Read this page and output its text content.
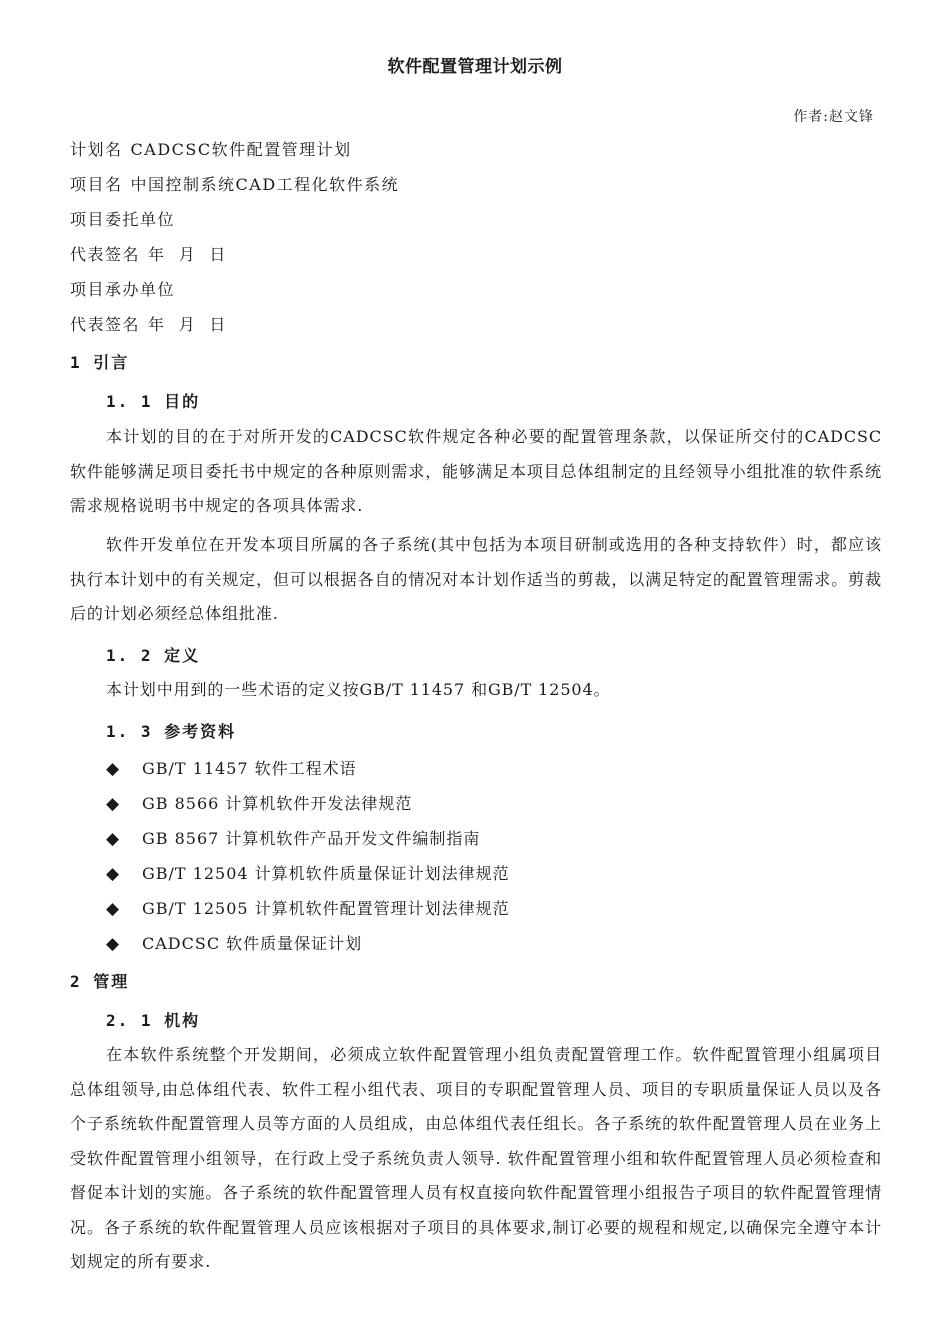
软件配置管理计划示例
作者:赵文锋
计划名 CADCSC软件配置管理计划
项目名 中国控制系统CAD工程化软件系统
项目委托单位
代表签名 年  月  日
项目承办单位
代表签名 年  月  日
1 引言
1. 1 目的

本计划的目的在于对所开发的CADCSC软件规定各种必要的配置管理条款，以保证所交付的CADCSC软件能够满足项目委托书中规定的各种原则需求，能够满足本项目总体组制定的且经领导小组批准的软件系统需求规格说明书中规定的各项具体需求.

软件开发单位在开发本项目所属的各子系统(其中包括为本项目研制或选用的各种支持软件）时，都应该执行本计划中的有关规定，但可以根据各自的情况对本计划作适当的剪裁，以满足特定的配置管理需求。剪裁后的计划必须经总体组批准.

1. 2 定义

本计划中用到的一些术语的定义按GB/T 11457 和GB/T 12504。

1. 3 参考资料
◆ GB/T 11457 软件工程术语
◆ GB 8566 计算机软件开发法律规范
◆ GB 8567 计算机软件产品开发文件编制指南
◆ GB/T 12504 计算机软件质量保证计划法律规范
◆ GB/T 12505 计算机软件配置管理计划法律规范
◆ CADCSC 软件质量保证计划
2 管理
2. 1 机构

在本软件系统整个开发期间，必须成立软件配置管理小组负责配置管理工作。软件配置管理小组属项目总体组领导,由总体组代表、软件工程小组代表、项目的专职配置管理人员、项目的专职质量保证人员以及各个子系统软件配置管理人员等方面的人员组成，由总体组代表任组长。各子系统的软件配置管理人员在业务上受软件配置管理小组领导，在行政上受子系统负责人领导. 软件配置管理小组和软件配置管理人员必须检查和督促本计划的实施。各子系统的软件配置管理人员有权直接向软件配置管理小组报告子项目的软件配置管理情况。各子系统的软件配置管理人员应该根据对子项目的具体要求,制订必要的规程和规定,以确保完全遵守本计划规定的所有要求.
